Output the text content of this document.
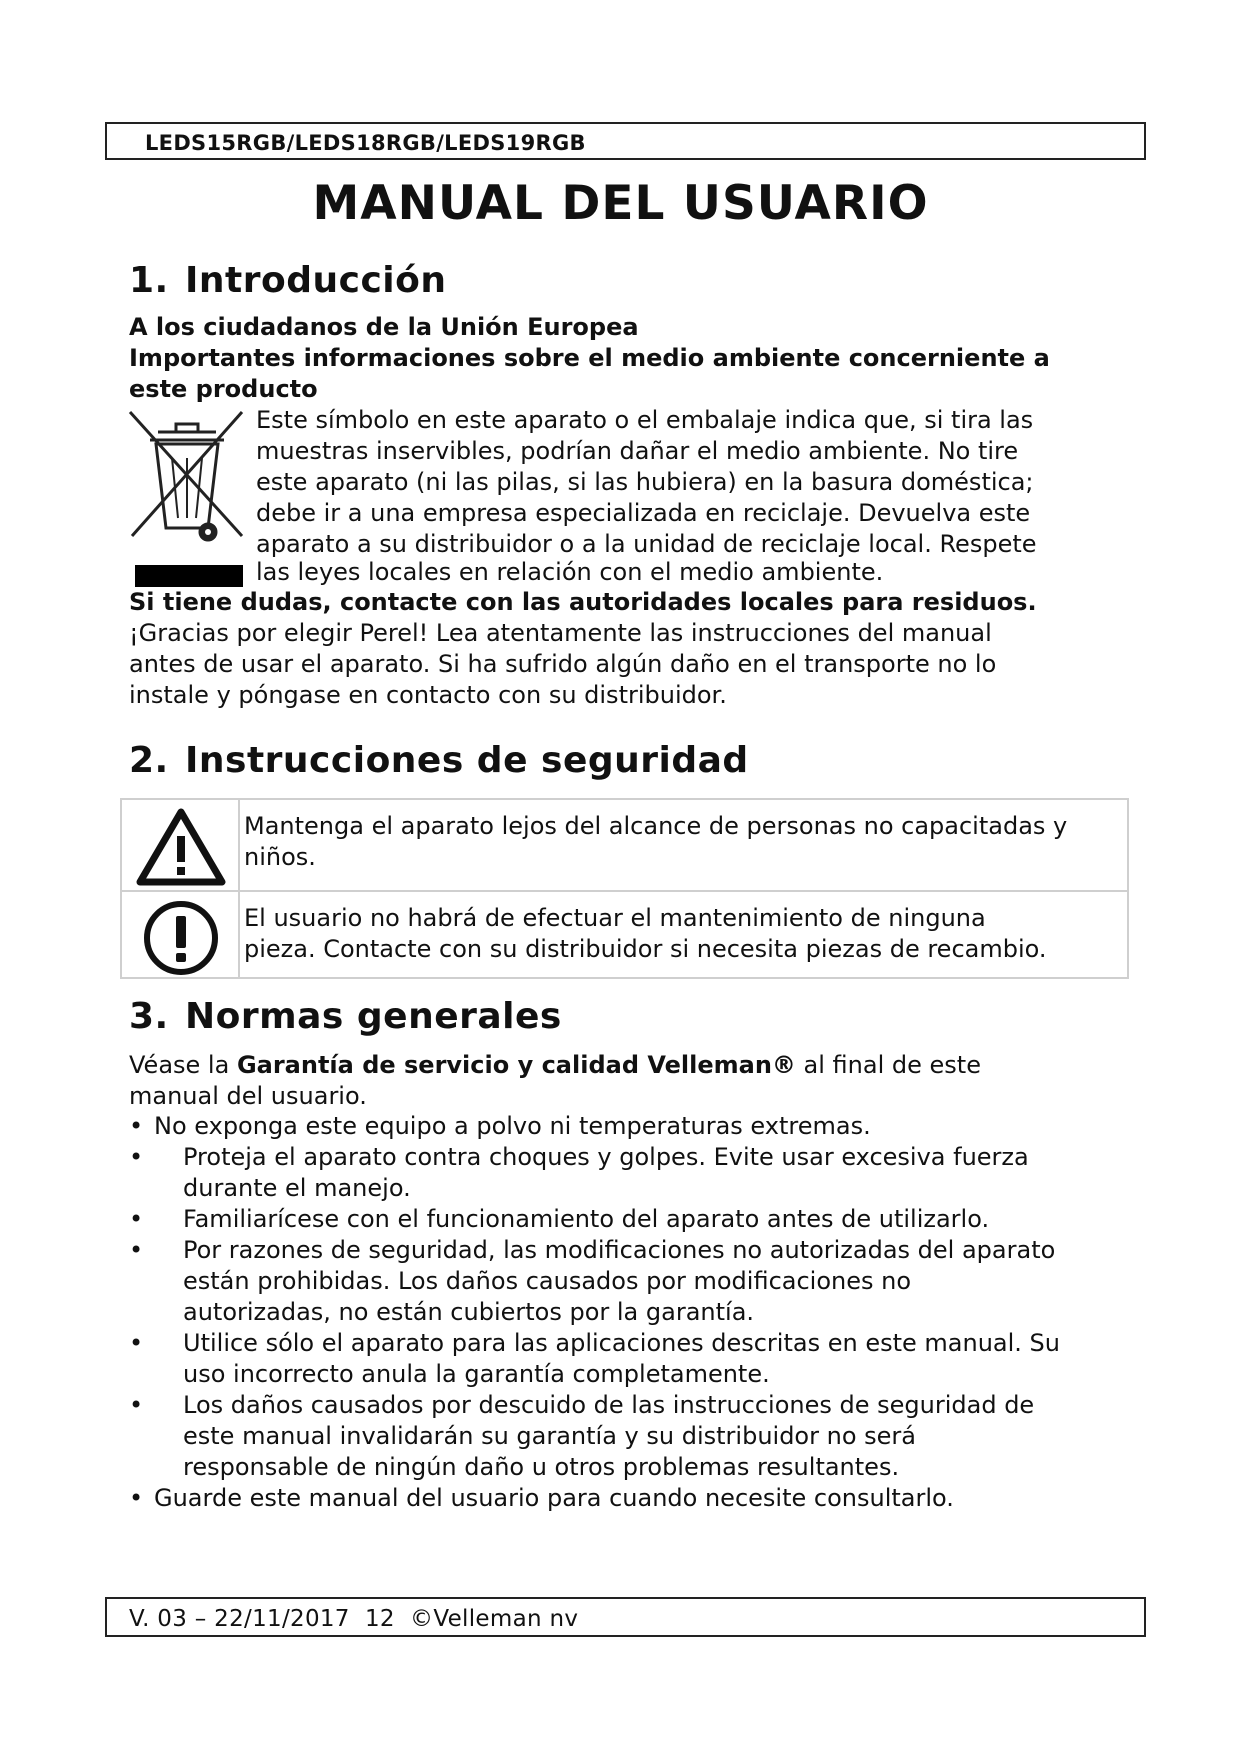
LEDS15RGB/LEDS18RGB/LEDS19RGB
MANUAL DEL USUARIO
1. Introducción

A los ciudadanos de la Unión Europea

Importantes informaciones sobre el medio ambiente concerniente a

este producto

Este símbolo en este aparato o el embalaje indica que, si tira las

muestras inservibles, podrían dañar el medio ambiente. No tire

este aparato (ni las pilas, si las hubiera) en la basura doméstica;

debe ir a una empresa especializada en reciclaje. Devuelva este

aparato a su distribuidor o a la unidad de reciclaje local. Respete

las leyes locales en relación con el medio ambiente.

Si tiene dudas, contacte con las autoridades locales para residuos.

¡Gracias por elegir Perel! Lea atentamente las instrucciones del manual

antes de usar el aparato. Si ha sufrido algún daño en el transporte no lo

instale y póngase en contacto con su distribuidor.

2. Instrucciones de seguridad
Mantenga el aparato lejos del alcance de personas no capacitadas y
niños.
El usuario no habrá de efectuar el mantenimiento de ninguna
pieza. Contacte con su distribuidor si necesita piezas de recambio.
3. Normas generales

Véase la Garantía de servicio y calidad Velleman® al final de este

manual del usuario.

• No exponga este equipo a polvo ni temperaturas extremas.
•	Proteja el aparato contra choques y golpes. Evite usar excesiva fuerza
durante el manejo.
•	Familiarícese con el funcionamiento del aparato antes de utilizarlo.
•	Por razones de seguridad, las modificaciones no autorizadas del aparato
están prohibidas. Los daños causados por modificaciones no
autorizadas, no están cubiertos por la garantía.
•	Utilice sólo el aparato para las aplicaciones descritas en este manual. Su
uso incorrecto anula la garantía completamente.
•	Los daños causados por descuido de las instrucciones de seguridad de
este manual invalidarán su garantía y su distribuidor no será
responsable de ningún daño u otros problemas resultantes.
• Guarde este manual del usuario para cuando necesite consultarlo.
V. 03 – 22/11/2017  12  ©Velleman nv
